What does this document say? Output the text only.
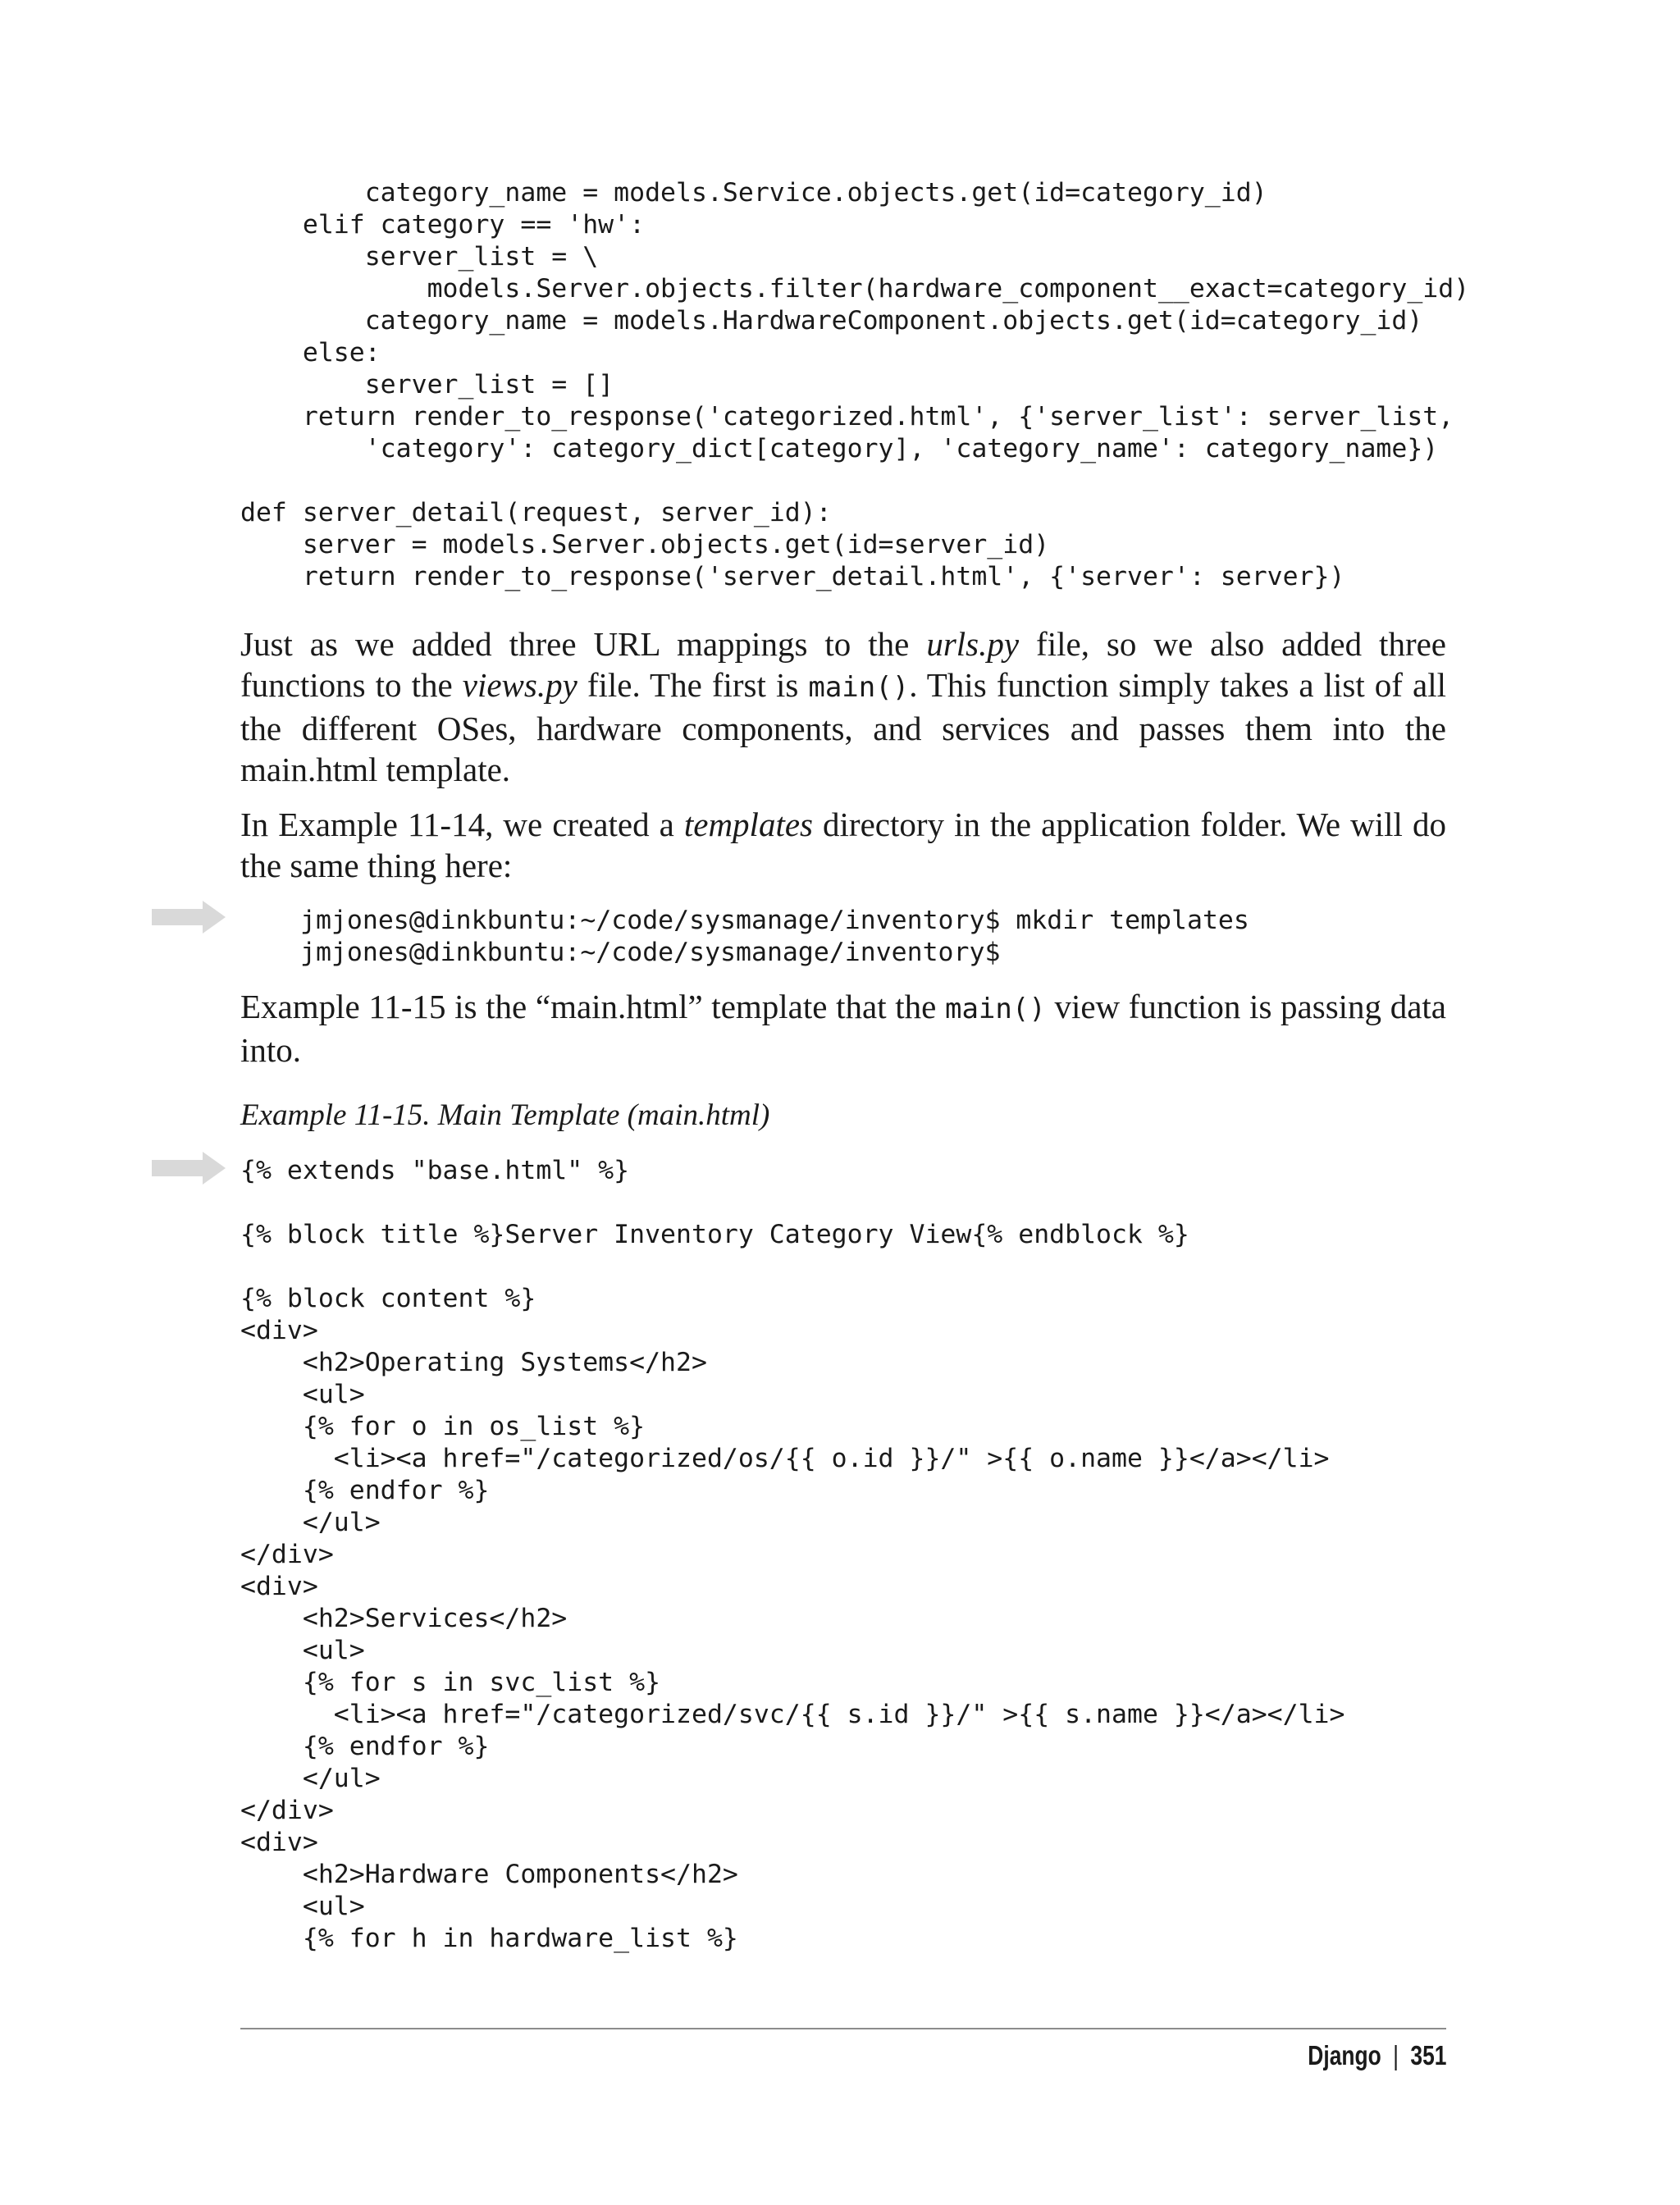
category_name = models.Service.objects.get(id=category_id)
elif category == 'hw':
server_list = \
models.Server.objects.filter(hardware_component__exact=category_id)
category_name = models.HardwareComponent.objects.get(id=category_id)
else:
server_list = []
return render_to_response('categorized.html', {'server_list': server_list,
'category': category_dict[category], 'category_name': category_name})

def server_detail(request, server_id):
server = models.Server.objects.get(id=server_id)
return render_to_response('server_detail.html', {'server': server})

Just as we added three URL mappings to the urls.py file, so we also added three functions to the views.py file. The first is main(). This function simply takes a list of all the different OSes, hardware components, and services and passes them into the main.html template.

In Example 11-14, we created a templates directory in the application folder. We will do the same thing here:

jmjones@dinkbuntu:~/code/sysmanage/inventory$ mkdir templates
jmjones@dinkbuntu:~/code/sysmanage/inventory$

Example 11-15 is the “main.html” template that the main() view function is passing data into.

Example 11-15. Main Template (main.html)

{% extends "base.html" %}

{% block title %}Server Inventory Category View{% endblock %}

{% block content %}
<div>
<h2>Operating Systems</h2>
<ul>
{% for o in os_list %}
<li><a href="/categorized/os/{{ o.id }}/" >{{ o.name }}</a></li>
{% endfor %}
</ul>
</div>
<div>
<h2>Services</h2>
<ul>
{% for s in svc_list %}
<li><a href="/categorized/svc/{{ s.id }}/" >{{ s.name }}</a></li>
{% endfor %}
</ul>
</div>
<div>
<h2>Hardware Components</h2>
<ul>
{% for h in hardware_list %}
Django | 351
